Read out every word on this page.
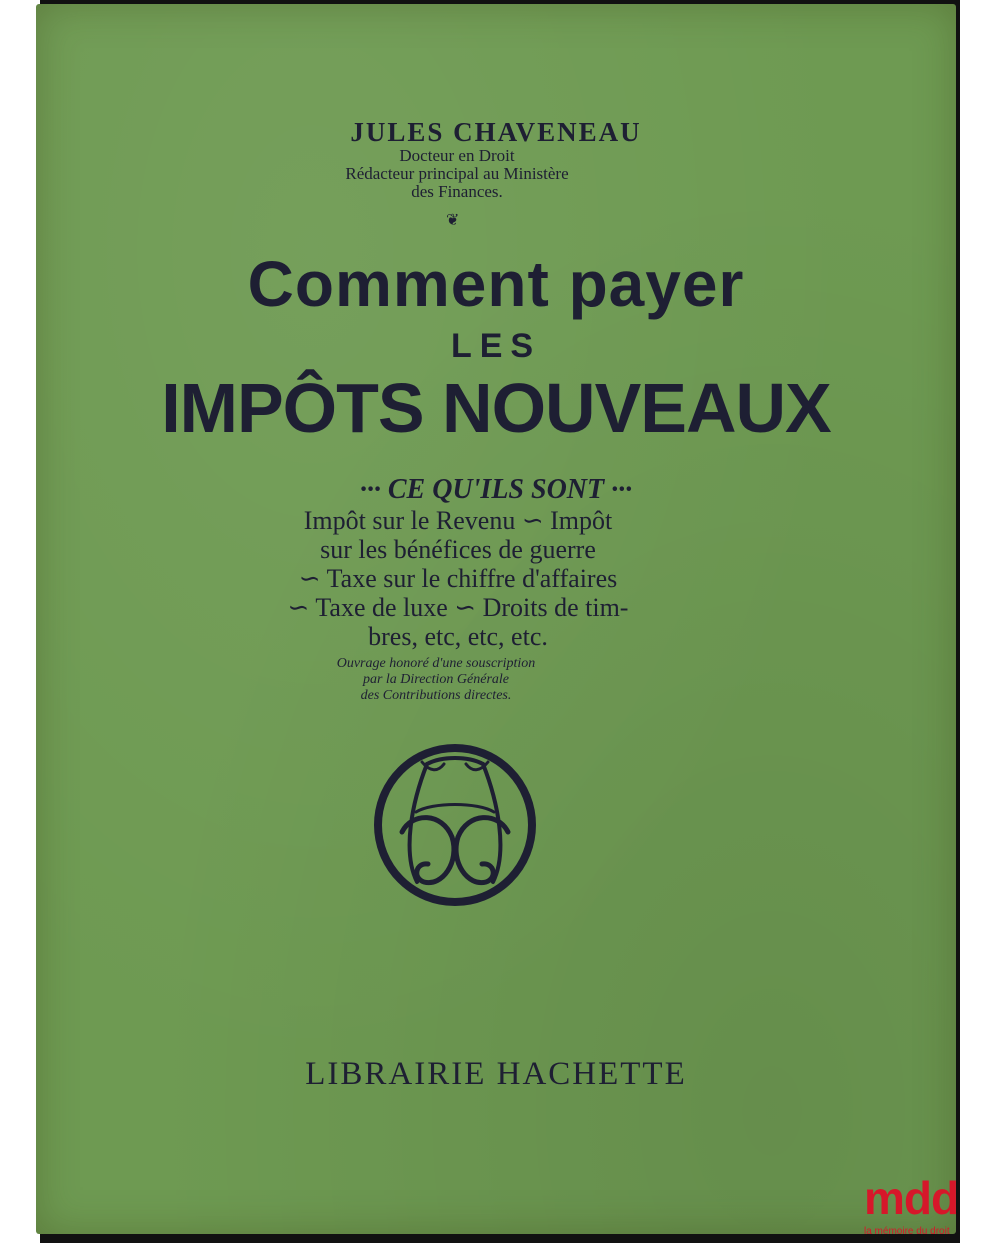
JULES CHAVENEAU
Docteur en Droit
Rédacteur principal au Ministère
des Finances.
❦
Comment payer
LES
IMPÔTS NOUVEAUX
··· CE QU'ILS SONT ···
Impôt sur le Revenu ∽ Impôt
sur les bénéfices de guerre
∽ Taxe sur le chiffre d'affaires
∽ Taxe de luxe ∽ Droits de tim-
bres, etc, etc, etc.
Ouvrage honoré d'une souscription
par la Direction Générale
des Contributions directes.
LIBRAIRIE HACHETTE
mdd
la mémoire du droit
